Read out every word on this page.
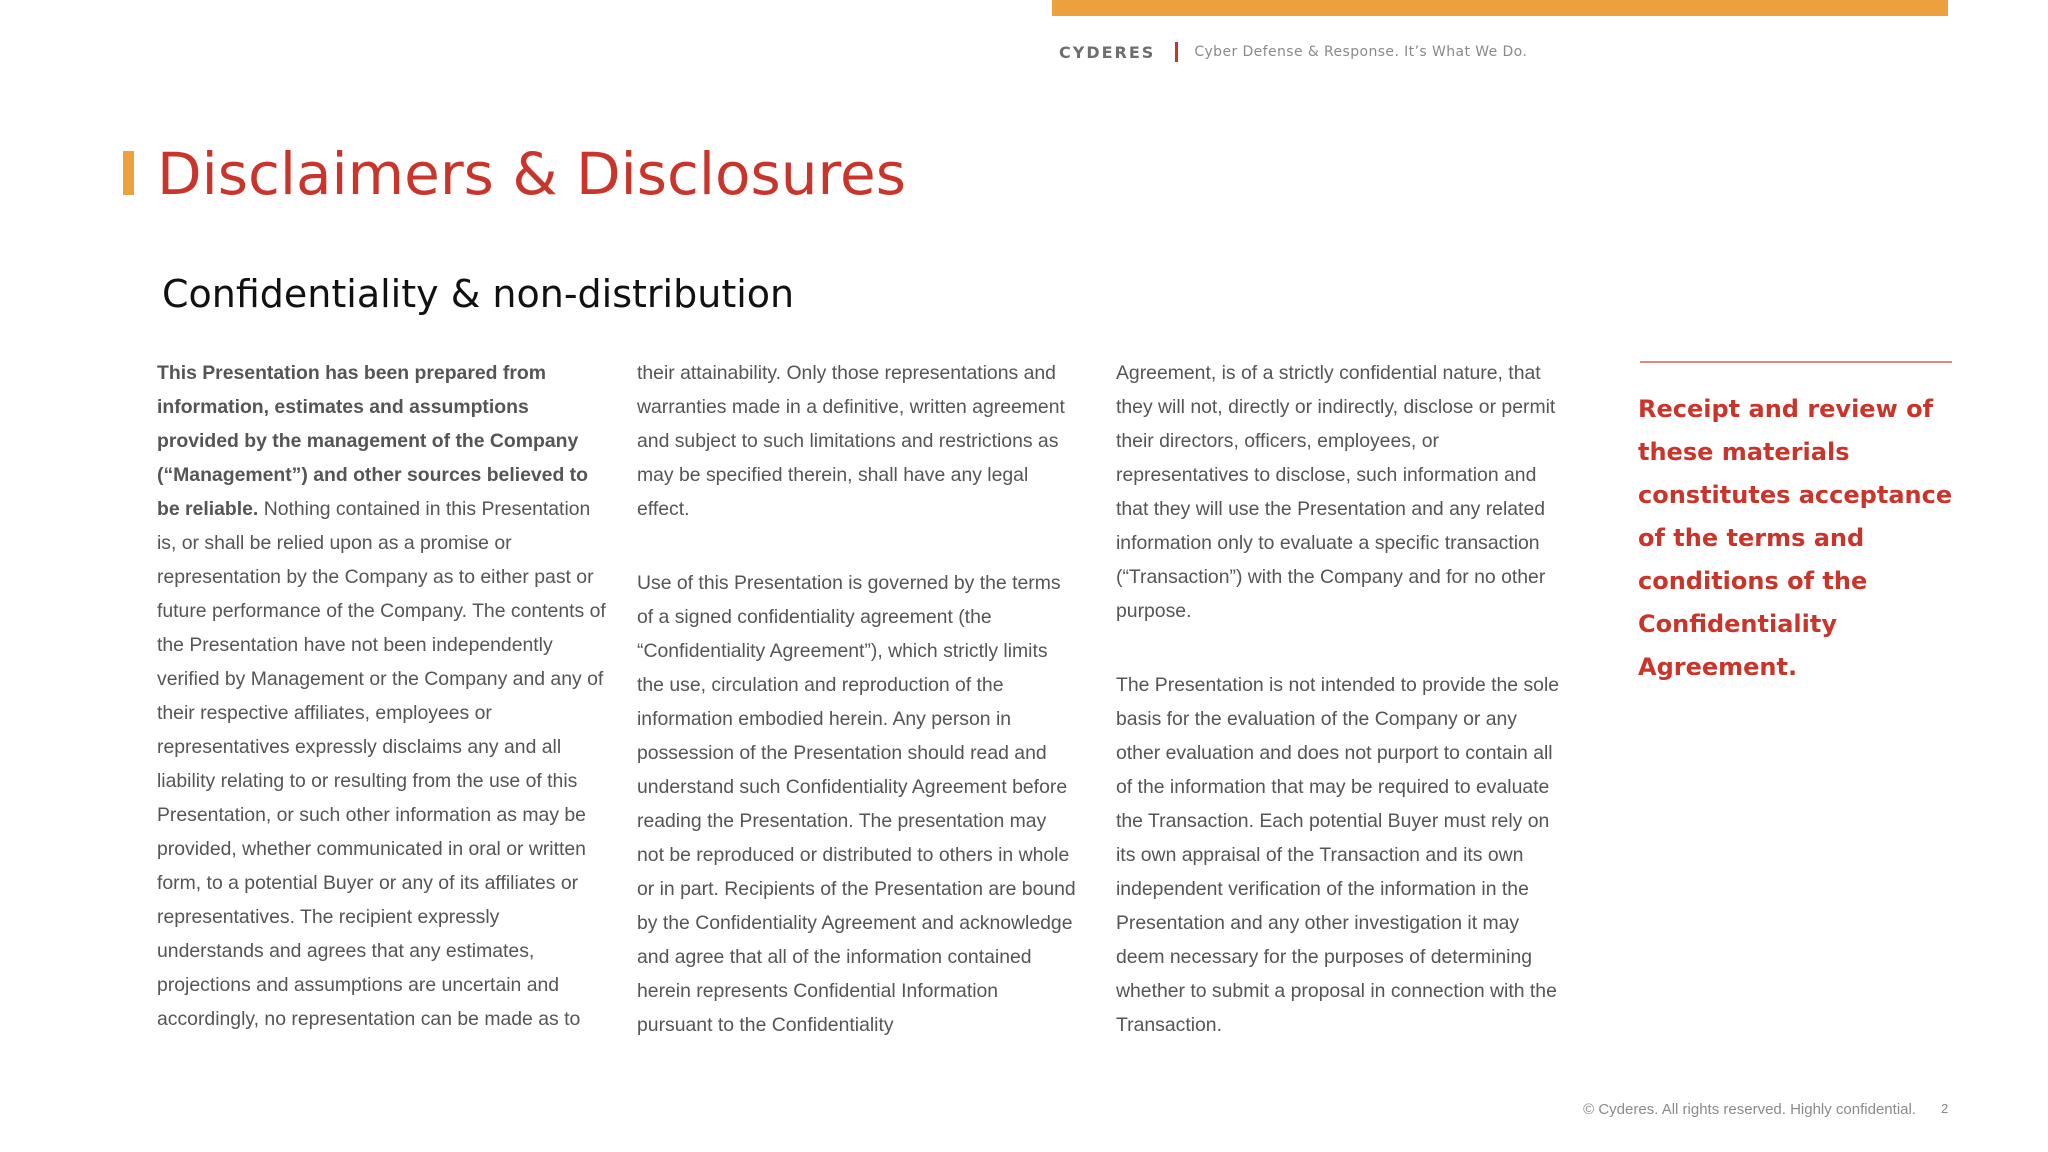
CYDERES	Cyber Defense & Response. It’s What We Do.
Disclaimers & Disclosures
Confidentiality & non-distribution

This Presentation has been prepared from information, estimates and assumptions provided by the management of the Company (“Management”) and other sources believed to be reliable. Nothing contained in this Presentation is, or shall be relied upon as a promise or representation by the Company as to either past or future performance of the Company. The contents of the Presentation have not been independently verified by Management or the Company and any of their respective affiliates, employees or representatives expressly disclaims any and all liability relating to or resulting from the use of this Presentation, or such other information as may be provided, whether communicated in oral or written form, to a potential Buyer or any of its affiliates or representatives. The recipient expressly understands and agrees that any estimates, projections and assumptions are uncertain and accordingly, no representation can be made as to

their attainability. Only those representations and warranties made in a definitive, written agreement and subject to such limitations and restrictions as may be specified therein, shall have any legal effect.

Use of this Presentation is governed by the terms of a signed confidentiality agreement (the “Confidentiality Agreement”), which strictly limits the use, circulation and reproduction of the information embodied herein. Any person in possession of the Presentation should read and understand such Confidentiality Agreement before reading the Presentation. The presentation may not be reproduced or distributed to others in whole or in part. Recipients of the Presentation are bound by the Confidentiality Agreement and acknowledge and agree that all of the information contained herein represents Confidential Information pursuant to the Confidentiality

Agreement, is of a strictly confidential nature, that they will not, directly or indirectly, disclose or permit their directors, officers, employees, or representatives to disclose, such information and that they will use the Presentation and any related information only to evaluate a specific transaction (“Transaction”) with the Company and for no other purpose.

The Presentation is not intended to provide the sole basis for the evaluation of the Company or any other evaluation and does not purport to contain all of the information that may be required to evaluate the Transaction. Each potential Buyer must rely on its own appraisal of the Transaction and its own independent verification of the information in the Presentation and any other investigation it may deem necessary for the purposes of determining whether to submit a proposal in connection with the Transaction.

Receipt and review of these materials constitutes acceptance of the terms and conditions of the Confidentiality Agreement.

© Cyderes. All rights reserved. Highly confidential. 2
